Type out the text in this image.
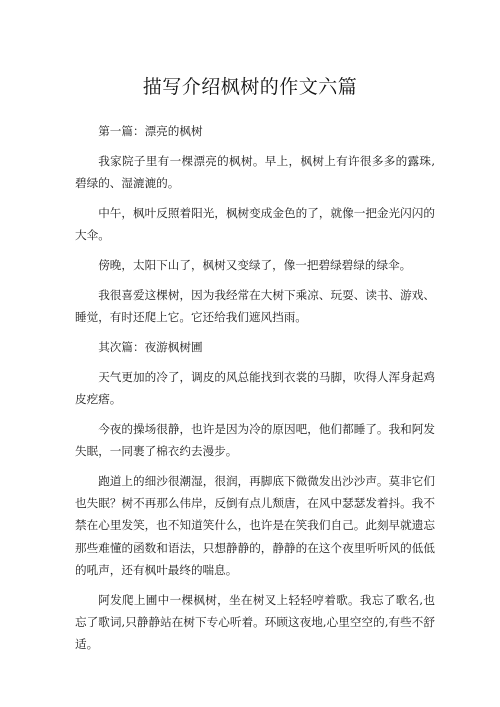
描写介绍枫树的作文六篇

第一篇：漂亮的枫树

我家院子里有一棵漂亮的枫树。早上，枫树上有许很多多的露珠,碧绿的、湿漉漉的。

中午，枫叶反照着阳光，枫树变成金色的了，就像一把金光闪闪的大伞。

傍晚，太阳下山了，枫树又变绿了，像一把碧绿碧绿的绿伞。

我很喜爱这棵树，因为我经常在大树下乘凉、玩耍、读书、游戏、睡觉，有时还爬上它。它还给我们遮风挡雨。

其次篇：夜游枫树圃

天气更加的冷了，调皮的风总能找到衣裳的马脚，吹得人浑身起鸡皮疙瘩。

今夜的操场很静，也许是因为冷的原因吧，他们都睡了。我和阿发失眠，一同裹了棉衣约去漫步。

跑道上的细沙很潮湿，很润，再脚底下微微发出沙沙声。莫非它们也失眠？树不再那么伟岸，反倒有点儿颓唐，在风中瑟瑟发着抖。我不禁在心里发笑，也不知道笑什么，也许是在笑我们自己。此刻早就遗忘那些难懂的函数和语法，只想静静的，静静的在这个夜里听听风的低低的吼声，还有枫叶最终的喘息。

阿发爬上圃中一棵枫树，坐在树叉上轻轻哼着歌。我忘了歌名,也忘了歌词,只静静站在树下专心听着。环顾这夜地,心里空空的,有些不舒适。
